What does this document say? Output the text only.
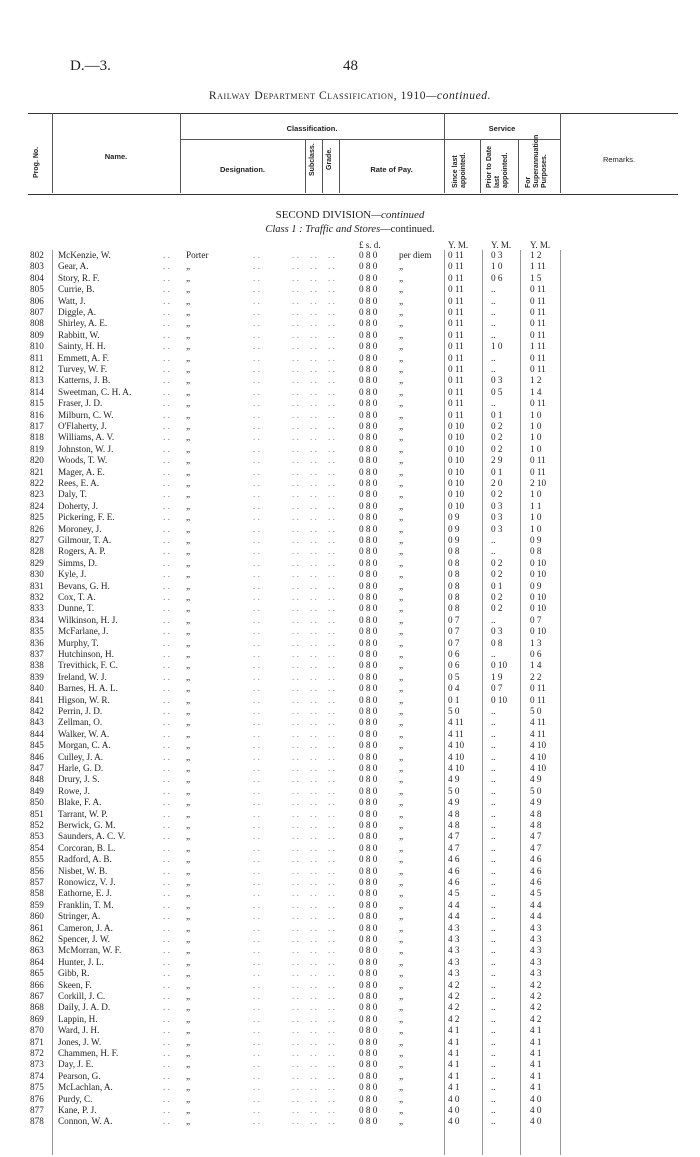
D.—3.	48
Railway Department Classification, 1910—continued.
Prog. No.	Name.
Classification.
Designation.	Subclass. Grade.	Rate of Pay.
Service
Since last appointed.	Prior to Date last appointed. For Superannuation Purposes.	Remarks.
SECOND DIVISION—continued
Class 1 : Traffic and Stores—continued.
£ s. d.	Y. M.	Y. M. Y. M.
802	McKenzie, W.	Porter	0 8 0 per diem 0 11	0 3	1 2
. .	. .	. . . . . .
803	Gear, A.	„	0 8 0 „	0 11	1 0	1 11
. .	. .	. . . . . .
804	Story, R. F.	„	0 8 0 „	0 11	0 6	1 5
. .	. .	. . . . . .
805	Currie, B.	„	0 8 0 „	0 11	..	0 11
. .	. .	. . . . . .
806	Watt, J.	„	0 8 0 „	0 11	..	0 11
. .	. .	. . . . . .
807	Diggle, A.	„	0 8 0 „	0 11	..	0 11
. .	. .	. . . . . .
808	Shirley, A. E.	„	0 8 0 „	0 11	..	0 11
. .	. .	. . . . . .
809	Rabbitt, W.	„	0 8 0 „	0 11	..	0 11
. .	. .	. . . . . .
810	Sainty, H. H.	„	0 8 0 „	0 11	1 0	1 11
. .	. .	. . . . . .
811	Emmett, A. F.	„	0 8 0 „	0 11	..	0 11
. .	. .	. . . . . .
812	Turvey, W. F.	„	0 8 0 „	0 11	..	0 11
. .	. .	. . . . . .
813	Katterns, J. B.	„	0 8 0 „	0 11	0 3	1 2
. .	. .	. . . . . .
814	Sweetman, C. H. A.	„	0 8 0 „	0 11	0 5	1 4
. .	. .	. . . . . .
815	Fraser, J. D.	„	0 8 0 „	0 11	..	0 11
. .	. .	. . . . . .
816	Milburn, C. W.	„	0 8 0 „	0 11	0 1	1 0
. .	. .	. . . . . .
817	O'Flaherty, J.	„	0 8 0 „	0 10	0 2	1 0
. .	. .	. . . . . .
818	Williams, A. V.	„	0 8 0 „	0 10	0 2	1 0
. .	. .	. . . . . .
819	Johnston, W. J.	„	0 8 0 „	0 10	0 2	1 0
. .	. .	. . . . . .
820	Woods, T. W.	„	0 8 0 „	0 10	2 9	0 11
. .	. .	. . . . . .
821	Mager, A. E.	„	0 8 0 „	0 10	0 1	0 11
. .	. .	. . . . . .
822	Rees, E. A.	„	0 8 0 „	0 10	2 0	2 10
. .	. .	. . . . . .
823	Daly, T.	„	0 8 0 „	0 10	0 2	1 0
. .	. .	. . . . . .
824	Doherty, J.	„	0 8 0 „	0 10	0 3	1 1
. .	. .	. . . . . .
825	Pickering, F. E.	„	0 8 0 „	0 9	0 3	1 0
. .	. .	. . . . . .
826	Moroney, J.	„	0 8 0 „	0 9	0 3	1 0
. .	. .	. . . . . .
827	Gilmour, T. A.	„	0 8 0 „	0 9	..	0 9
. .	. .	. . . . . .
828	Rogers, A. P.	„	0 8 0 „	0 8	..	0 8
. .	. .	. . . . . .
829	Simms, D.	„	0 8 0 „	0 8	0 2	0 10
. .	. .	. . . . . .
830	Kyle, J.	„	0 8 0 „	0 8	0 2	0 10
. .	. .	. . . . . .
831	Bevans, G. H.	„	0 8 0 „	0 8	0 1	0 9
. .	. .	. . . . . .
832	Cox, T. A.	„	0 8 0 „	0 8	0 2	0 10
. .	. .	. . . . . .
833	Dunne, T.	„	0 8 0 „	0 8	0 2	0 10
. .	. .	. . . . . .
834	Wilkinson, H. J.	„	0 8 0 „	0 7	..	0 7
. .	. .	. . . . . .
835	McFarlane, J.	„	0 8 0 „	0 7	0 3	0 10
. .	. .	. . . . . .
836	Murphy, T.	„	0 8 0 „	0 7	0 8	1 3
. .	. .	. . . . . .
837	Hutchinson, H.	„	0 8 0 „	0 6	..	0 6
. .	. .	. . . . . .
838	Trevithick, F. C.	„	0 8 0 „	0 6	0 10	1 4
. .	. .	. . . . . .
839	Ireland, W. J.	„	0 8 0 „	0 5	1 9	2 2
. .	. .	. . . . . .
840	Barnes, H. A. L.	„	0 8 0 „	0 4	0 7	0 11
. .	. .	. . . . . .
841	Higson, W. R.	„	0 8 0 „	0 1	0 10	0 11
. .	. .	. . . . . .
842	Perrin, J. D.	„	0 8 0 „	5 0	..	5 0
. .	. .	. . . . . .
843	Zellman, O.	„	0 8 0 „	4 11	..	4 11
. .	. .	. . . . . .
844	Walker, W. A.	„	0 8 0 „	4 11	..	4 11
. .	. .	. . . . . .
845	Morgan, C. A.	„	0 8 0 „	4 10	..	4 10
. .	. .	. . . . . .
846	Culley, J. A.	„	0 8 0 „	4 10	..	4 10
. .	. .	. . . . . .
847	Harle, G. D.	„	0 8 0 „	4 10	..	4 10
. .	. .	. . . . . .
848	Drury, J. S.	„	0 8 0 „	4 9	..	4 9
. .	. .	. . . . . .
849	Rowe, J.	„	0 8 0 „	5 0	..	5 0
. .	. .	. . . . . .
850	Blake, F. A.	„	0 8 0 „	4 9	..	4 9
. .	. .	. . . . . .
851	Tarrant, W. P.	„	0 8 0 „	4 8	..	4 8
. .	. .	. . . . . .
852	Berwick, G. M.	„	0 8 0 „	4 8	..	4 8
. .	. .	. . . . . .
853	Saunders, A. C. V.	„	0 8 0 „	4 7	..	4 7
. .	. .	. . . . . .
854	Corcoran, B. L.	„	0 8 0 „	4 7	..	4 7
. .	. .	. . . . . .
855	Radford, A. B.	„	0 8 0 „	4 6	..	4 6
. .	. .	. . . . . .
856	Nisbet, W. B.	„	0 8 0 „	4 6	..	4 6
. .	. .	. . . . . .
857	Ronowicz, V. J.	„	0 8 0 „	4 6	..	4 6
. .	. .	. . . . . .
858	Eathorne, E. J.	„	0 8 0 „	4 5	..	4 5
. .	. .	. . . . . .
859	Franklin, T. M.	„	0 8 0 „	4 4	..	4 4
. .	. .	. . . . . .
860	Stringer, A.	„	0 8 0 „	4 4	..	4 4
. .	. .	. . . . . .
861	Cameron, J. A.	„	0 8 0 „	4 3	..	4 3
. .	. .	. . . . . .
862	Spencer, J. W.	„	0 8 0 „	4 3	..	4 3
. .	. .	. . . . . .
863	McMorran, W. F.	„	0 8 0 „	4 3	..	4 3
. .	. .	. . . . . .
864	Hunter, J. L.	„	0 8 0 „	4 3	..	4 3
. .	. .	. . . . . .
865	Gibb, R.	„	0 8 0 „	4 3	..	4 3
. .	. .	. . . . . .
866	Skeen, F.	„	0 8 0 „	4 2	..	4 2
. .	. .	. . . . . .
867	Corkill, J. C.	„	0 8 0 „	4 2	..	4 2
. .	. .	. . . . . .
868	Daily, J. A. D.	„	0 8 0 „	4 2	..	4 2
. .	. .	. . . . . .
869	Lappin, H.	„	0 8 0 „	4 2	..	4 2
. .	. .	. . . . . .
870	Ward, J. H.	„	0 8 0 „	4 1	..	4 1
. .	. .	. . . . . .
871	Jones, J. W.	„	0 8 0 „	4 1	..	4 1
. .	. .	. . . . . .
872	Chammen, H. F.	„	0 8 0 „	4 1	..	4 1
. .	. .	. . . . . .
873	Day, J. E.	„	0 8 0 „	4 1	..	4 1
. .	. .	. . . . . .
874	Pearson, G.	„	0 8 0 „	4 1	..	4 1
. .	. .	. . . . . .
875	McLachlan, A.	„	0 8 0 „	4 1	..	4 1
. .	. .	. . . . . .
876	Purdy, C.	„	0 8 0 „	4 0	..	4 0
. .	. .	. . . . . .
877	Kane, P. J.	„	0 8 0 „	4 0	..	4 0
. .	. .	. . . . . .
878	Connon, W. A.	„	0 8 0 „	4 0	..	4 0
. .	. .	. . . . . .
